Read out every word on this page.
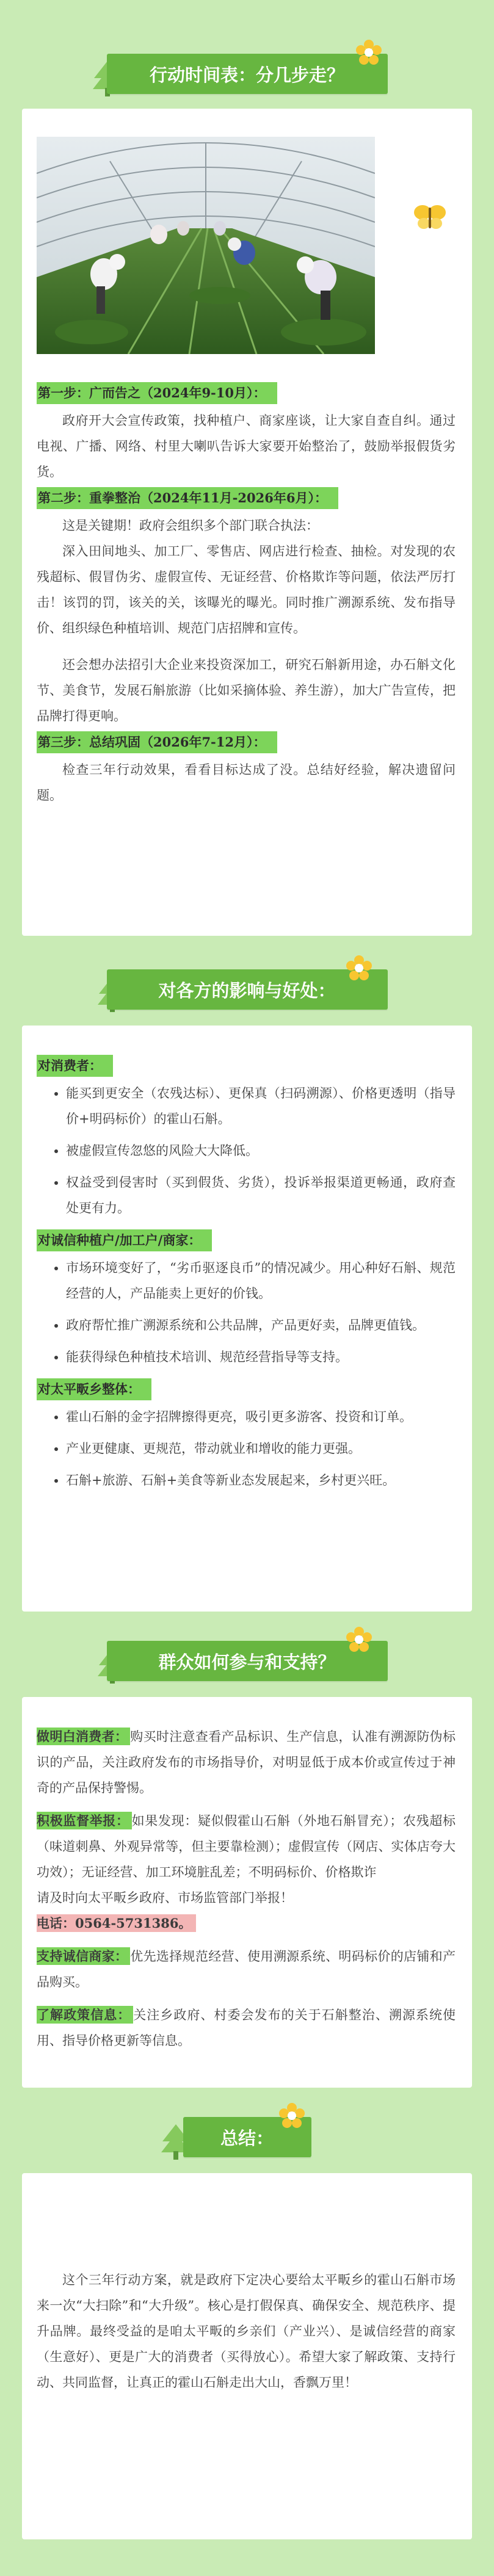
行动时间表：分几步走？
第一步：广而告之（2024年9-10月）：

政府开大会宣传政策，找种植户、商家座谈，让大家自查自纠。通过电视、广播、网络、村里大喇叭告诉大家要开始整治了，鼓励举报假货劣货。

第二步：重拳整治（2024年11月-2026年6月）：

这是关键期！政府会组织多个部门联合执法：

深入田间地头、加工厂、零售店、网店进行检查、抽检。对发现的农残超标、假冒伪劣、虚假宣传、无证经营、价格欺诈等问题，依法严厉打击！该罚的罚，该关的关，该曝光的曝光。同时推广溯源系统、发布指导价、组织绿色种植培训、规范门店招牌和宣传。

还会想办法招引大企业来投资深加工，研究石斛新用途，办石斛文化节、美食节，发展石斛旅游（比如采摘体验、养生游），加大广告宣传，把品牌打得更响。

第三步：总结巩固（2026年7-12月）：

检查三年行动效果，看看目标达成了没。总结好经验，解决遗留问题。

对各方的影响与好处：
对消费者：
• 能买到更安全（农残达标）、更保真（扫码溯源）、价格更透明（指导价+明码标价）的霍山石斛。
• 被虚假宣传忽悠的风险大大降低。
• 权益受到侵害时（买到假货、劣货），投诉举报渠道更畅通，政府查处更有力。
对诚信种植户/加工户/商家：
• 市场环境变好了，“劣币驱逐良币”的情况减少。用心种好石斛、规范经营的人，产品能卖上更好的价钱。
• 政府帮忙推广溯源系统和公共品牌，产品更好卖，品牌更值钱。
• 能获得绿色种植技术培训、规范经营指导等支持。
对太平畈乡整体：
• 霍山石斛的金字招牌擦得更亮，吸引更多游客、投资和订单。
• 产业更健康、更规范，带动就业和增收的能力更强。
• 石斛+旅游、石斛+美食等新业态发展起来，乡村更兴旺。
群众如何参与和支持？

做明白消费者： 购买时注意查看产品标识、生产信息，认准有溯源防伪标识的产品，关注政府发布的市场指导价，对明显低于成本价或宣传过于神奇的产品保持警惕。

积极监督举报： 如果发现：疑似假霍山石斛（外地石斛冒充）；农残超标（味道刺鼻、外观异常等，但主要靠检测）；虚假宣传（网店、实体店夸大功效）；无证经营、加工环境脏乱差；不明码标价、价格欺诈

请及时向太平畈乡政府、市场监管部门举报！

电话：0564-5731386。

支持诚信商家： 优先选择规范经营、使用溯源系统、明码标价的店铺和产品购买。

了解政策信息： 关注乡政府、村委会发布的关于石斛整治、溯源系统使用、指导价格更新等信息。

总结：

这个三年行动方案，就是政府下定决心要给太平畈乡的霍山石斛市场来一次“大扫除”和“大升级”。核心是打假保真、确保安全、规范秩序、提升品牌。最终受益的是咱太平畈的乡亲们（产业兴）、是诚信经营的商家（生意好）、更是广大的消费者（买得放心）。希望大家了解政策、支持行动、共同监督，让真正的霍山石斛走出大山，香飘万里！
